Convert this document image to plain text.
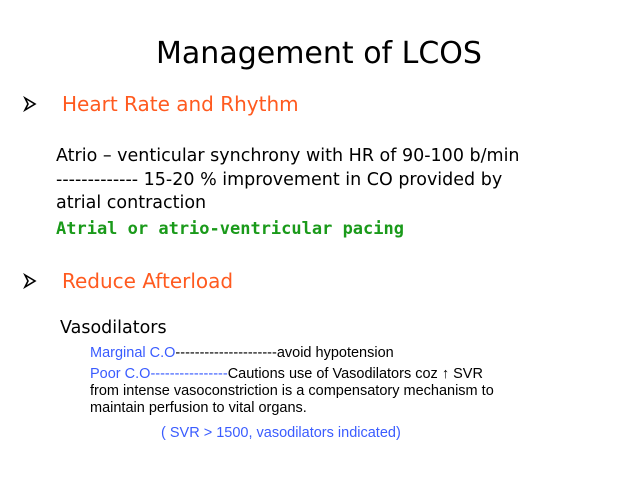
Management of LCOS
Heart Rate and Rhythm
Atrio – venticular synchrony with HR of 90-100 b/min
------------- 15-20 % improvement in CO provided by
atrial contraction
Atrial or atrio-ventricular pacing
Reduce Afterload
Vasodilators
Marginal C.O---------------------avoid hypotension
Poor C.O----------------Cautions use of Vasodilators coz ↑ SVR
from intense vasoconstriction is a compensatory mechanism to
maintain perfusion to vital organs.
( SVR > 1500, vasodilators indicated)
